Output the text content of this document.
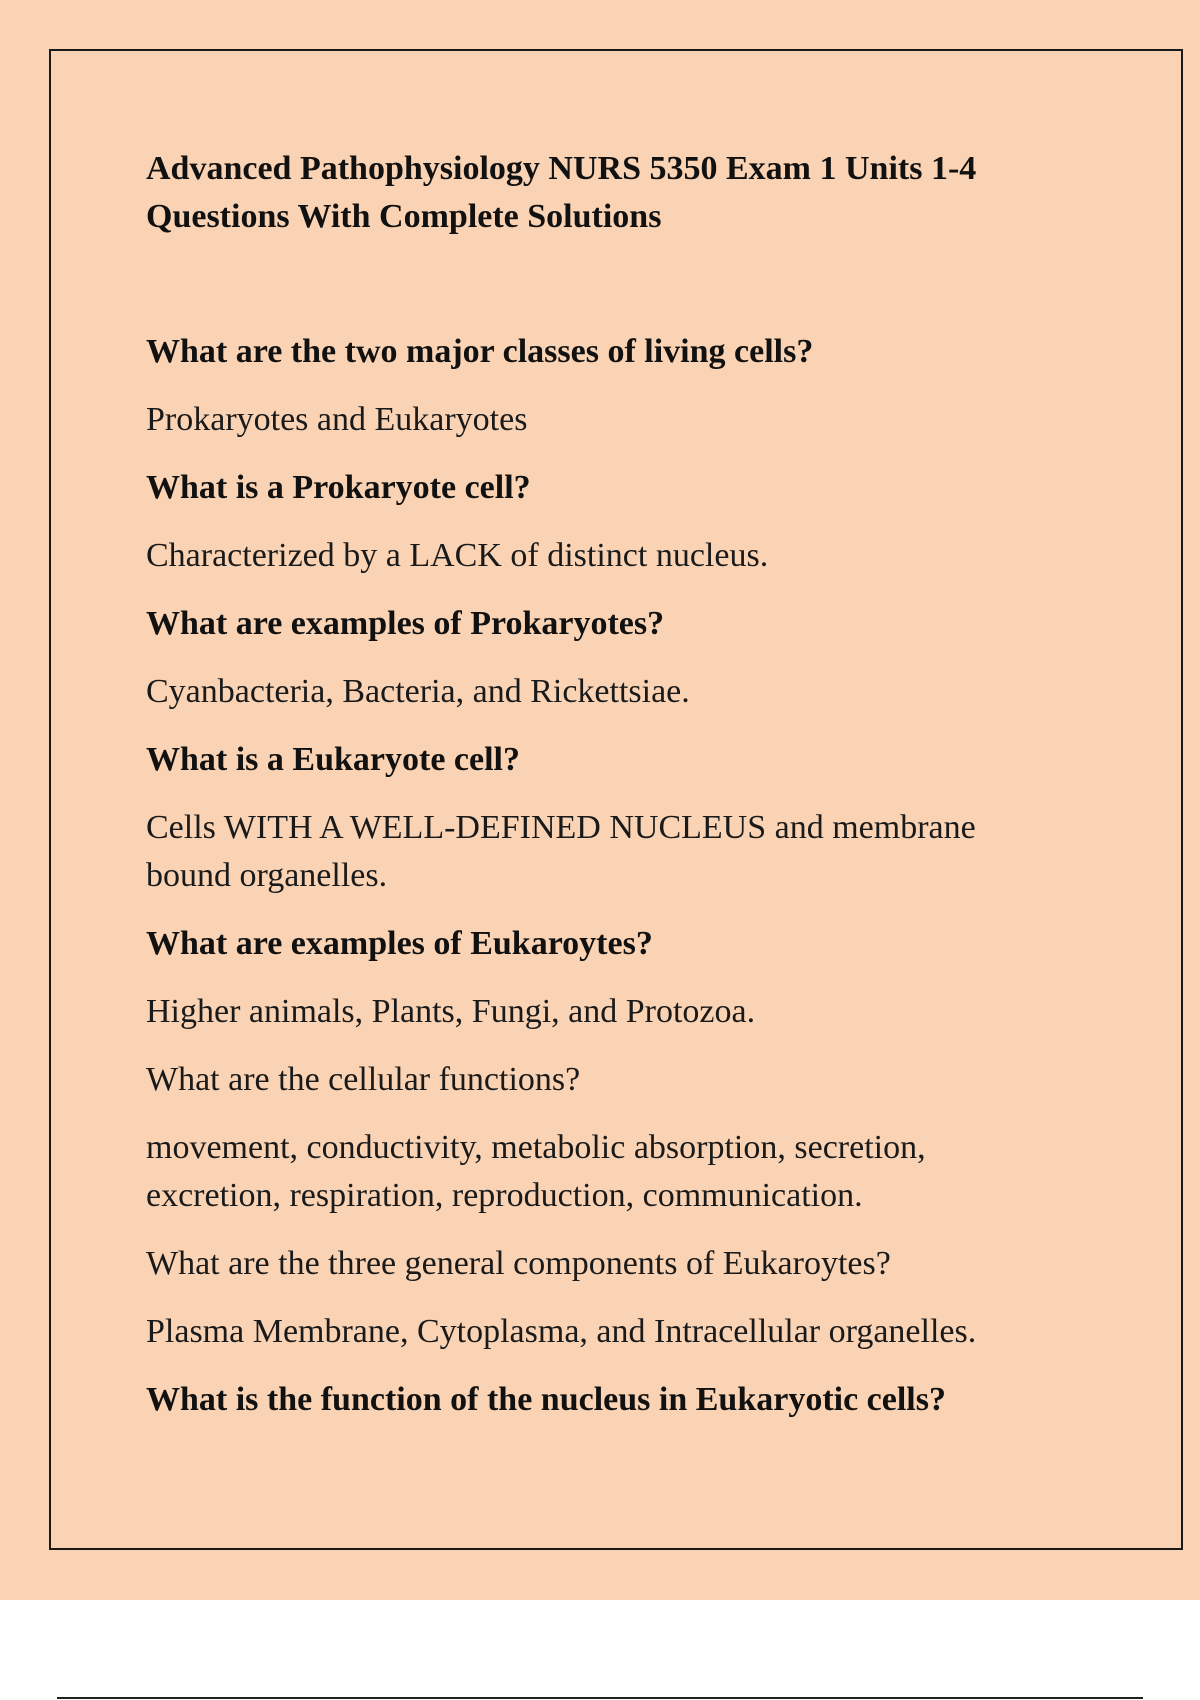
Advanced Pathophysiology NURS 5350 Exam 1 Units 1-4 Questions With Complete Solutions

What are the two major classes of living cells?

Prokaryotes and Eukaryotes

What is a Prokaryote cell?

Characterized by a LACK of distinct nucleus.

What are examples of Prokaryotes?

Cyanbacteria, Bacteria, and Rickettsiae.

What is a Eukaryote cell?

Cells WITH A WELL-DEFINED NUCLEUS and membrane bound organelles.

What are examples of Eukaroytes?

Higher animals, Plants, Fungi, and Protozoa.

What are the cellular functions?

movement, conductivity, metabolic absorption, secretion, excretion, respiration, reproduction, communication.

What are the three general components of Eukaroytes?

Plasma Membrane, Cytoplasma, and Intracellular organelles.

What is the function of the nucleus in Eukaryotic cells?
